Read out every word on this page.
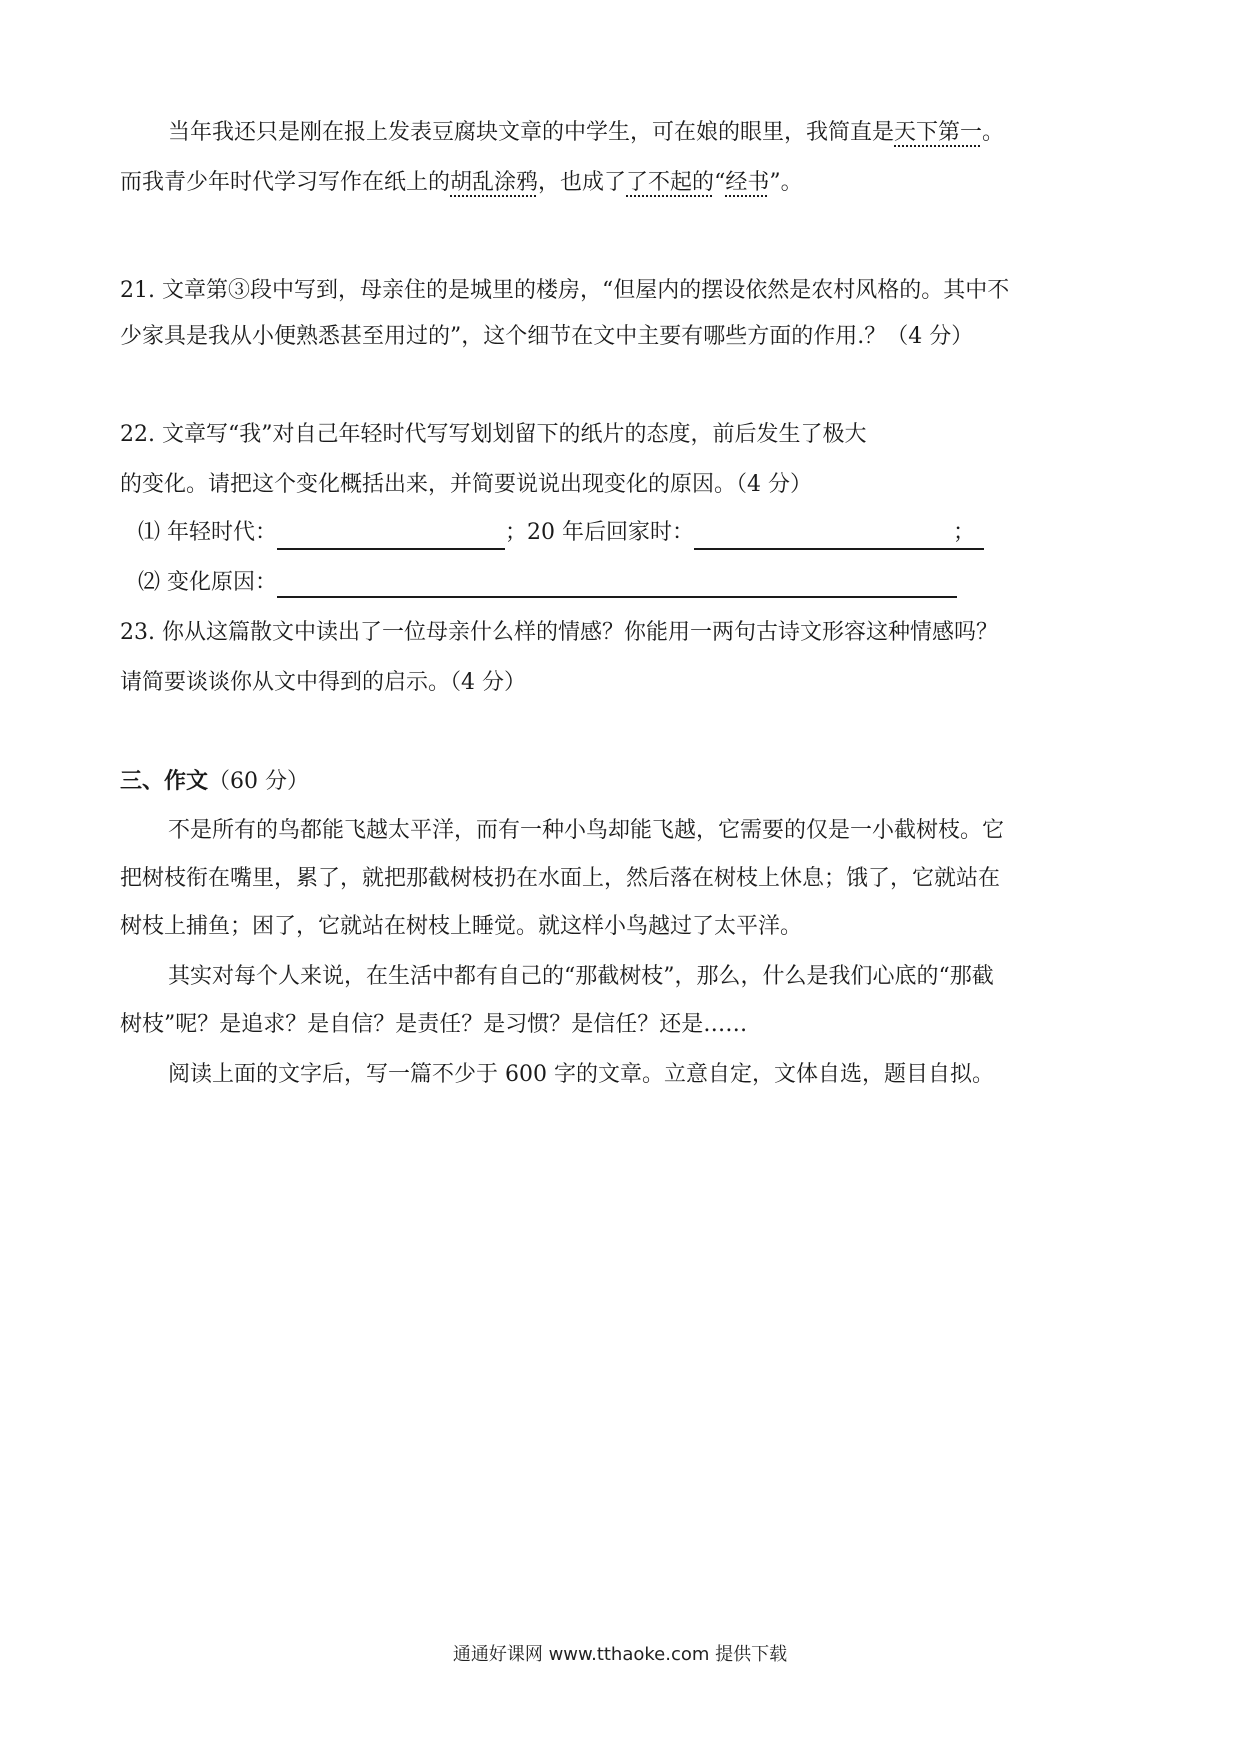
当年我还只是刚在报上发表豆腐块文章的中学生，可在娘的眼里，我简直是天下第一。
而我青少年时代学习写作在纸上的胡乱涂鸦，也成了了不起的“经书”。
21. 文章第③段中写到，母亲住的是城里的楼房，“但屋内的摆设依然是农村风格的。其中不
少家具是我从小便熟悉甚至用过的”，这个细节在文中主要有哪些方面的作用.？（4 分）
22. 文章写“我”对自己年轻时代写写划划留下的纸片的态度，前后发生了极大
的变化。请把这个变化概括出来，并简要说说出现变化的原因。（4 分）
⑴ 年轻时代：	；20 年后回家时：	；
⑵ 变化原因：
23. 你从这篇散文中读出了一位母亲什么样的情感？你能用一两句古诗文形容这种情感吗？
请简要谈谈你从文中得到的启示。（4 分）
三、作文（60 分）
不是所有的鸟都能飞越太平洋，而有一种小鸟却能飞越，它需要的仅是一小截树枝。它
把树枝衔在嘴里，累了，就把那截树枝扔在水面上，然后落在树枝上休息；饿了，它就站在
树枝上捕鱼；困了，它就站在树枝上睡觉。就这样小鸟越过了太平洋。
其实对每个人来说，在生活中都有自己的“那截树枝”，那么，什么是我们心底的“那截
树枝”呢？是追求？是自信？是责任？是习惯？是信任？还是……
阅读上面的文字后，写一篇不少于 600 字的文章。立意自定，文体自选，题目自拟。
通通好课网 www.tthaoke.com 提供下载
